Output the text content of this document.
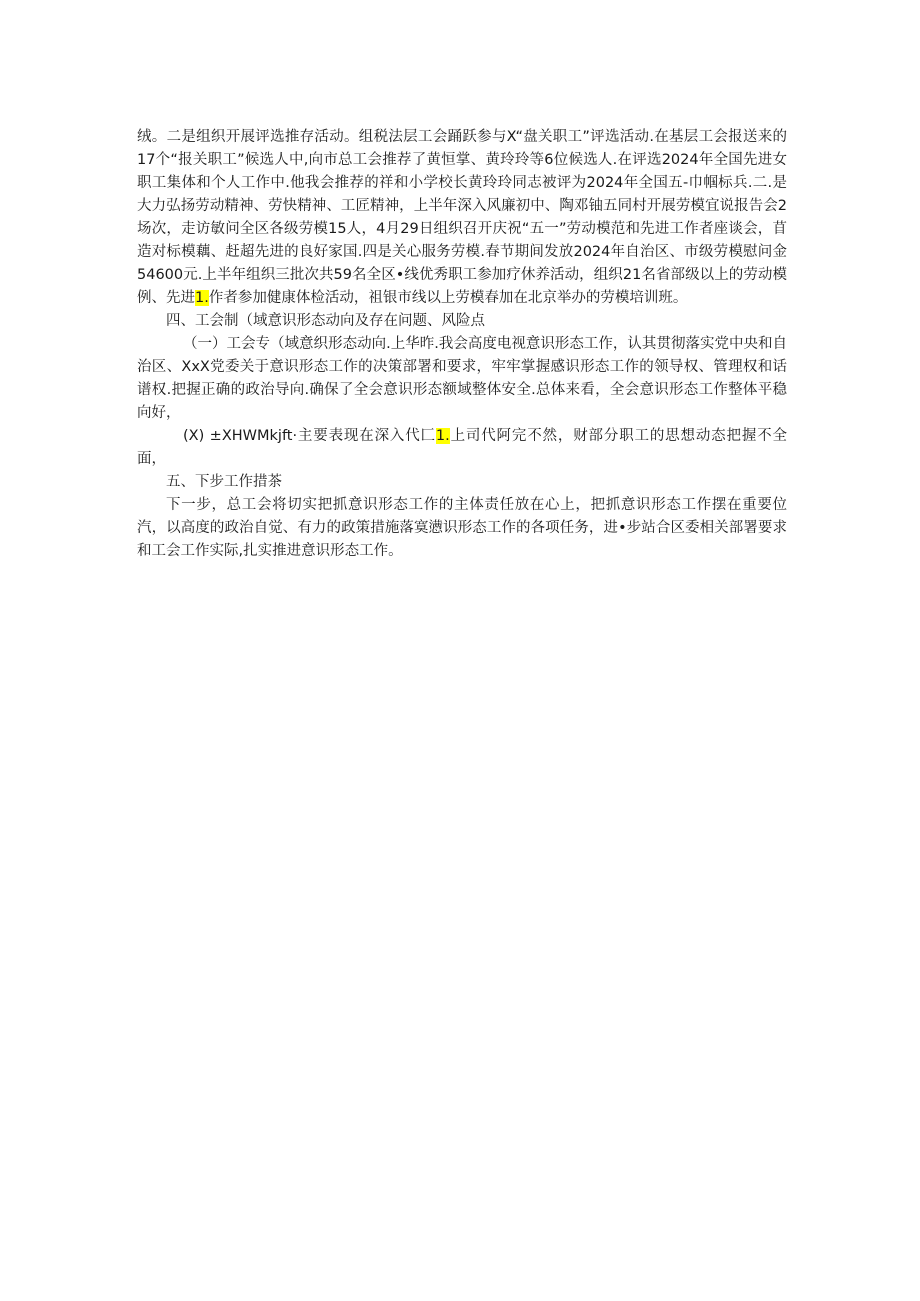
绒。二是组织开展评选推存活动。组税法层工会踊跃参与X“盘关职工”评选活动.在基层工会报送来的17个“报关职工”候选人中,向市总工会推荐了黄恒掌、黄玲玲等6位候选人.在评选2024年全国先进女职工集体和个人工作中.他我会推荐的祥和小学校长黄玲玲同志被评为2024年全国五-巾帼标兵.二.是大力弘扬劳动精神、劳快精神、工匠精神，上半年深入风廉初中、陶邓铀五同村开展劳模宜说报告会2场次，走访敏问全区各级劳模15人，4月29日组织召开庆祝“五一”劳动模范和先进工作者座谈会，苜造对标模藕、赶超先进的良好家国.四是关心服务劳模.春节期间发放2024年自治区、市级劳模慰问金54600元.上半年组织三批次共59名全区•线优秀职工参加疗休养活动，组织21名省部级以上的劳动模例、先进1.作者参加健康体检活动，祖银市线以上劳模春加在北京举办的劳模培训班。

四、工会制（域意识形态动向及存在问题、风险点

（一）工会专（域意织形态动向.上华昨.我会高度电视意识形态工作，认其贯彻落实党中央和自治区、XxX党委关于意识形态工作的决策部署和要求，牢牢掌握感识形态工作的领导权、管理权和话谱权.把握正确的政治导向.确保了全会意识形态额域整体安全.总体来看，全会意识形态工作整体平稳向好，

(X) ±XHWMkjft·主要表现在深入代匚1.上司代阿完不然，财部分职工的思想动态把握不全面，

五、下步工作措茶

下一步，总工会将切实把抓意识形态工作的主体责任放在心上，把抓意识形态工作摆在重要位汽，以高度的政治自觉、有力的政策措施落寞懑识形态工作的各项任务，进•步站合区委相关部署要求和工会工作实际,扎实推进意识形态工作。
